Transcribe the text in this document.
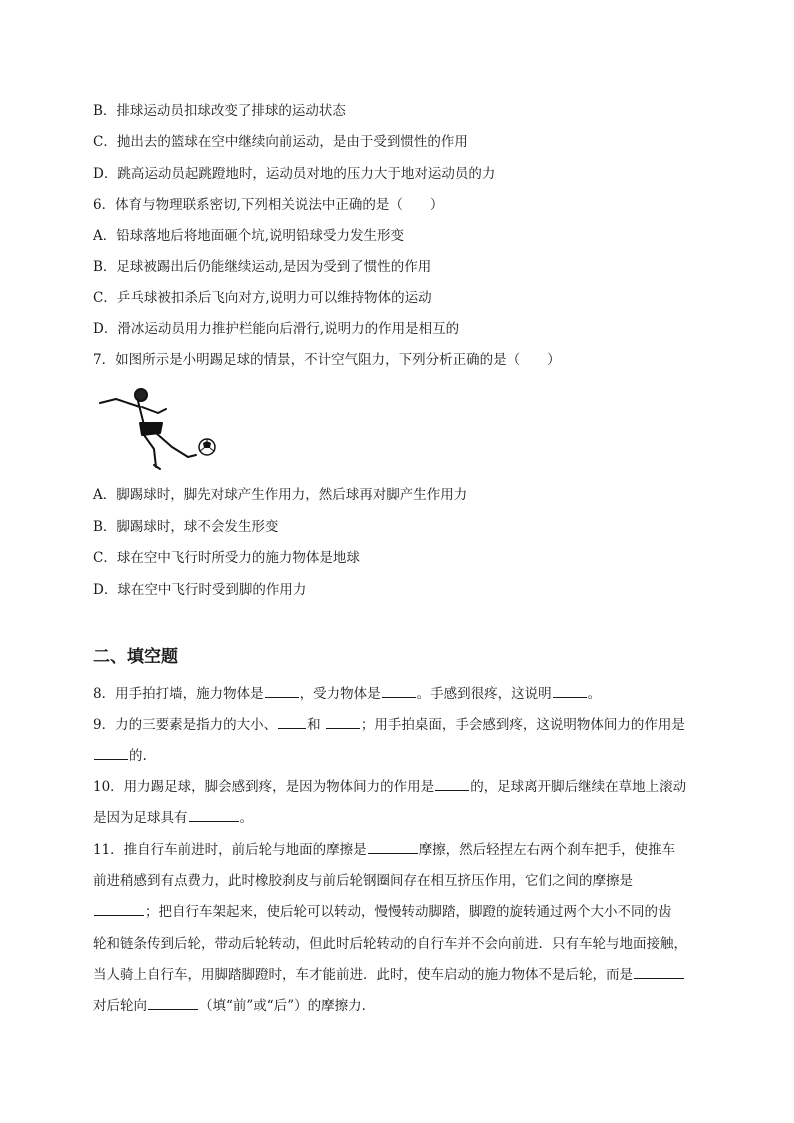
B．排球运动员扣球改变了排球的运动状态
C．抛出去的篮球在空中继续向前运动，是由于受到惯性的作用
D．跳高运动员起跳蹬地时，运动员对地的压力大于地对运动员的力
6．体育与物理联系密切,下列相关说法中正确的是（　　）
A．铅球落地后将地面砸个坑,说明铅球受力发生形变
B．足球被踢出后仍能继续运动,是因为受到了惯性的作用
C．乒乓球被扣杀后飞向对方,说明力可以维持物体的运动
D．滑冰运动员用力推护栏能向后滑行,说明力的作用是相互的
7．如图所示是小明踢足球的情景，不计空气阻力，下列分析正确的是（　　）
A．脚踢球时，脚先对球产生作用力，然后球再对脚产生作用力
B．脚踢球时，球不会发生形变
C．球在空中飞行时所受力的施力物体是地球
D．球在空中飞行时受到脚的作用力
二、填空题
8．用手拍打墙，施力物体是	，受力物体是	。手感到很疼，这说明	。
9．力的三要素是指力的大小、 和	；用手拍桌面，手会感到疼，这说明物体间力的作用是
的.
10．用力踢足球，脚会感到疼，是因为物体间力的作用是	的，足球离开脚后继续在草地上滚动
是因为足球具有	。
11．推自行车前进时，前后轮与地面的摩擦是	摩擦，然后轻捏左右两个刹车把手，使推车
前进稍感到有点费力，此时橡胶刹皮与前后轮钢圈间存在相互挤压作用，它们之间的摩擦是
；把自行车架起来，使后轮可以转动，慢慢转动脚踏，脚蹬的旋转通过两个大小不同的齿
轮和链条传到后轮，带动后轮转动，但此时后轮转动的自行车并不会向前进．只有车轮与地面接触，
当人骑上自行车，用脚踏脚蹬时，车才能前进．此时，使车启动的施力物体不是后轮，而是
对后轮向	（填“前”或“后”）的摩擦力．
